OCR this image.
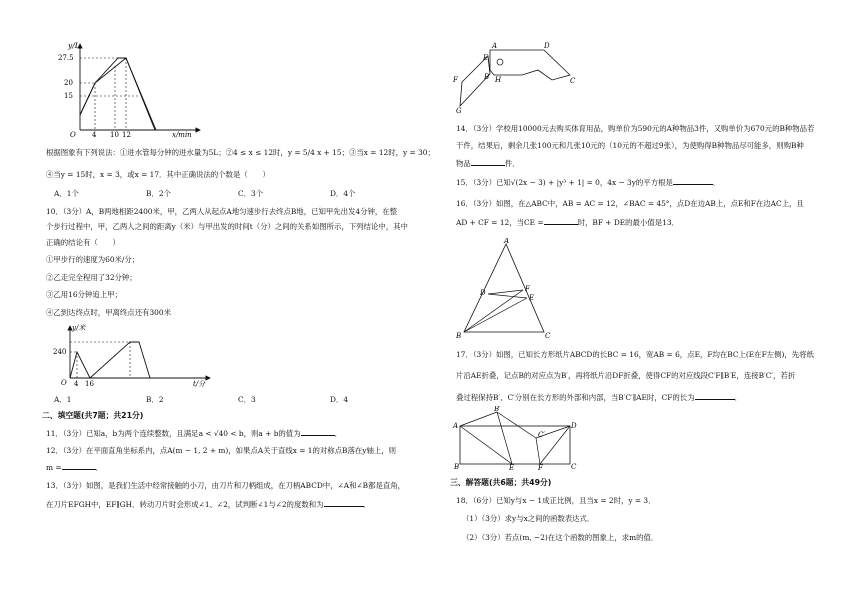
y/L
27.5
20
15
O 4 10 12	x/min
根据图象有下列说法：①进水管每分钟的进水量为5L；②4 ≤ x ≤ 12时，y = 5/4 x + 15；③当x = 12时，y = 30；
④当y = 15时，x = 3，或x = 17．其中正确说法的个数是（　　）
A．1个	B．2个	C．3个	D．4个
10．（3分）A，B两地相距2400米，甲，乙两人从起点A地匀速步行去终点B地，已知甲先出发4分钟，在整
个步行过程中，甲，乙两人之间的距离y（米）与甲出发的时间t（分）之间的关系如图所示，下列结论中，其中
正确的结论有（　　）
①甲步行的速度为60米/分；
②乙走完全程用了32分钟；
③乙用16分钟追上甲；
④乙到达终点时，甲离终点还有300米
y/米
240
O 4 16	t/分
A．1	B．2	C．3	D．4
二、填空题(共7题；共21分)
11．（3分）已知a，b为两个连续整数，且满足a < √40 < b，则a + b的值为	．
12．（3分）在平面直角坐标系内，点A(m − 1, 2 + m)，如果点A关于直线x = 1的对称点B落在y轴上，则
m =	．
13．（3分）如图，是我们生活中经常接触的小刀，由刀片和刀柄组成，在刀柄ABCD中，∠A和∠B都是直角，
在刀片EFGH中，EF∥GH．转动刀片时会形成∠1、∠2，试判断∠1与∠2的度数和为	．
A	D
E
F	B H	C
G
14．（3分）学校用10000元去购买体育用品，购单价为590元的A种物品3件，又购单价为670元的B种物品若
干件，结果后，剩余几张100元和几张10元的（10元的不超过9张），为使购得B种物品尽可能多，则购B种
物品	件．
15．（3分）已知√(2x − 3) + |y³ + 1| = 0，4x − 3y的平方根是	．
16．（3分）如图，在△ABC中，AB = AC = 12，∠BAC = 45°，点D在边AB上，点E和F在边AC上，且
AD + CF = 12，当CE =	时，BF + DE的最小值是13．
A
D	F
E
B	C
17．（3分）如图，已知长方形纸片ABCD的长BC = 16，宽AB = 6，点E，F均在BC上(E在F左侧)，先将纸
片沿AE折叠，记点B的对应点为B′，再将纸片沿DF折叠，使得CF的对应线段C′F∥B′E，连接B′C′，若折
叠过程保持B′、C′分别在长方形的外部和内部，当B′C′∥AE时，CF的长为	．
B′
A	D
C′
B	E	F	C
三、解答题(共6题；共49分)
18．（6分）已知y与x − 1成正比例，且当x = 2时，y = 3．
（1）（3分）求y与x之间的函数表达式．
（2）（3分）若点(m, −2)在这个函数的图象上，求m的值．
